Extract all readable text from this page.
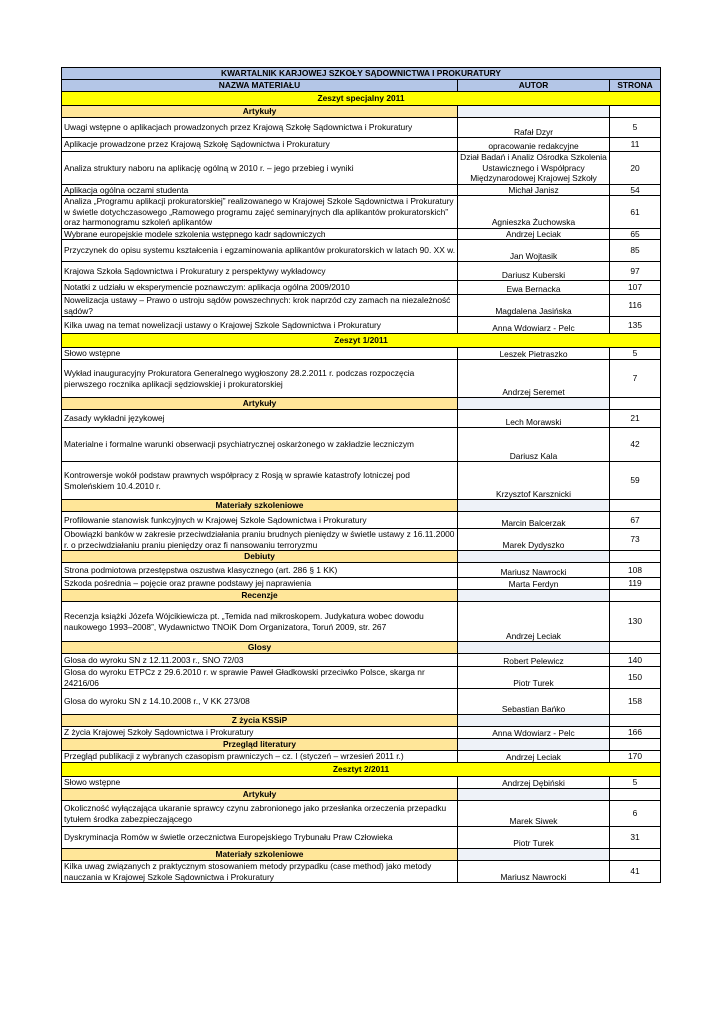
KWARTALNIK KARJOWEJ SZKOŁY SĄDOWNICTWA I PROKURATURY		
NAZWA MATERIAŁU	AUTOR	STRONA
Zeszyt specjalny 2011		
Artykuły		
Uwagi wstępne o aplikacjach prowadzonych przez Krajową Szkołę Sądownictwa i Prokuratury	Rafał Dzyr	5
Aplikacje prowadzone przez Krajową Szkołę Sądownictwa i Prokuratury	opracowanie redakcyjne	11
Analiza struktury naboru na aplikację ogólną w 2010 r. – jego przebieg i wyniki	Dział Badań i Analiz Ośrodka Szkolenia Ustawicznego i Współpracy Międzynarodowej Krajowej Szkoły	20
Aplikacja ogólna oczami studenta	Michał Janisz	54
Analiza „Programu aplikacji prokuratorskiej” realizowanego w Krajowej Szkole Sądownictwa i Prokuratury w świetle dotychczasowego „Ramowego programu zajęć seminaryjnych dla aplikantów prokuratorskich” oraz harmonogramu szkoleń aplikantów	Agnieszka Żuchowska	61
Wybrane europejskie modele szkolenia wstępnego kadr sądowniczych	Andrzej Leciak	65
Przyczynek do opisu systemu kształcenia i egzaminowania aplikantów prokuratorskich w latach 90. XX w.	Jan Wojtasik	85
Krajowa Szkoła Sądownictwa i Prokuratury z perspektywy wykładowcy	Dariusz Kuberski	97
Notatki z udziału w eksperymencie poznawczym: aplikacja ogólna 2009/2010	Ewa Bernacka	107
Nowelizacja ustawy – Prawo o ustroju sądów powszechnych: krok naprzód czy zamach na niezależność sądów?	Magdalena Jasińska	116
Kilka uwag na temat nowelizacji ustawy o Krajowej Szkole Sądownictwa i Prokuratury	Anna Wdowiarz - Pelc	135
Zeszyt 1/2011		
Słowo wstępne	Leszek Pietraszko	5
Wykład inauguracyjny Prokuratora Generalnego wygłoszony 28.2.2011 r. podczas rozpoczęcia pierwszego rocznika aplikacji sędziowskiej i prokuratorskiej	Andrzej Seremet	7
Artykuły		
Zasady wykładni językowej	Lech Morawski	21
Materialne i formalne warunki obserwacji psychiatrycznej oskarżonego w zakładzie leczniczym	Dariusz Kala	42
Kontrowersje wokół podstaw prawnych współpracy z Rosją w sprawie katastrofy lotniczej pod Smoleńskiem 10.4.2010 r.	Krzysztof Karsznicki	59
Materiały szkoleniowe		
Profilowanie stanowisk funkcyjnych w Krajowej Szkole Sądownictwa i Prokuratury	Marcin Balcerzak	67
Obowiązki banków w zakresie przeciwdziałania praniu brudnych pieniędzy w świetle ustawy z 16.11.2000 r. o przeciwdziałaniu praniu pieniędzy oraz fi nansowaniu terroryzmu	Marek Dydyszko	73
Debiuty		
Strona podmiotowa przestępstwa oszustwa klasycznego (art. 286 § 1 KK)	Mariusz Nawrocki	108
Szkoda pośrednia – pojęcie oraz prawne podstawy jej naprawienia	Marta Ferdyn	119
Recenzje		
Recenzja książki Józefa Wójcikiewicza pt. „Temida nad mikroskopem. Judykatura wobec dowodu naukowego 1993–2008”, Wydawnictwo TNOiK Dom Organizatora, Toruń 2009, str. 267	Andrzej Leciak	130
Glosy		
Glosa do wyroku SN z 12.11.2003 r., SNO 72/03	Robert Pelewicz	140
Glosa do wyroku ETPCz z 29.6.2010 r. w sprawie Paweł Gładkowski przeciwko Polsce, skarga nr 24216/06	Piotr Turek	150
Glosa do wyroku SN z 14.10.2008 r., V KK 273/08	Sebastian Bańko	158
Z życia KSSiP		
Z życia Krajowej Szkoły Sądownictwa i Prokuratury	Anna Wdowiarz - Pelc	166
Przegląd literatury		
Przegląd publikacji z wybranych czasopism prawniczych – cz. I (styczeń – wrzesień 2011 r.)	Andrzej Leciak	170
Zesztyt 2/2011		
Słowo wstępne	Andrzej Dębiński	5
Artykuły		
Okoliczność wyłączająca ukaranie sprawcy czynu zabronionego jako przesłanka orzeczenia przepadku tytułem środka zabezpieczającego	Marek Siwek	6
Dyskryminacja Romów w świetle orzecznictwa Europejskiego Trybunału Praw Człowieka	Piotr Turek	31
Materiały szkoleniowe		
Kilka uwag związanych z praktycznym stosowaniem metody przypadku (case method) jako metody nauczania w Krajowej Szkole Sądownictwa i Prokuratury	Mariusz Nawrocki	41
